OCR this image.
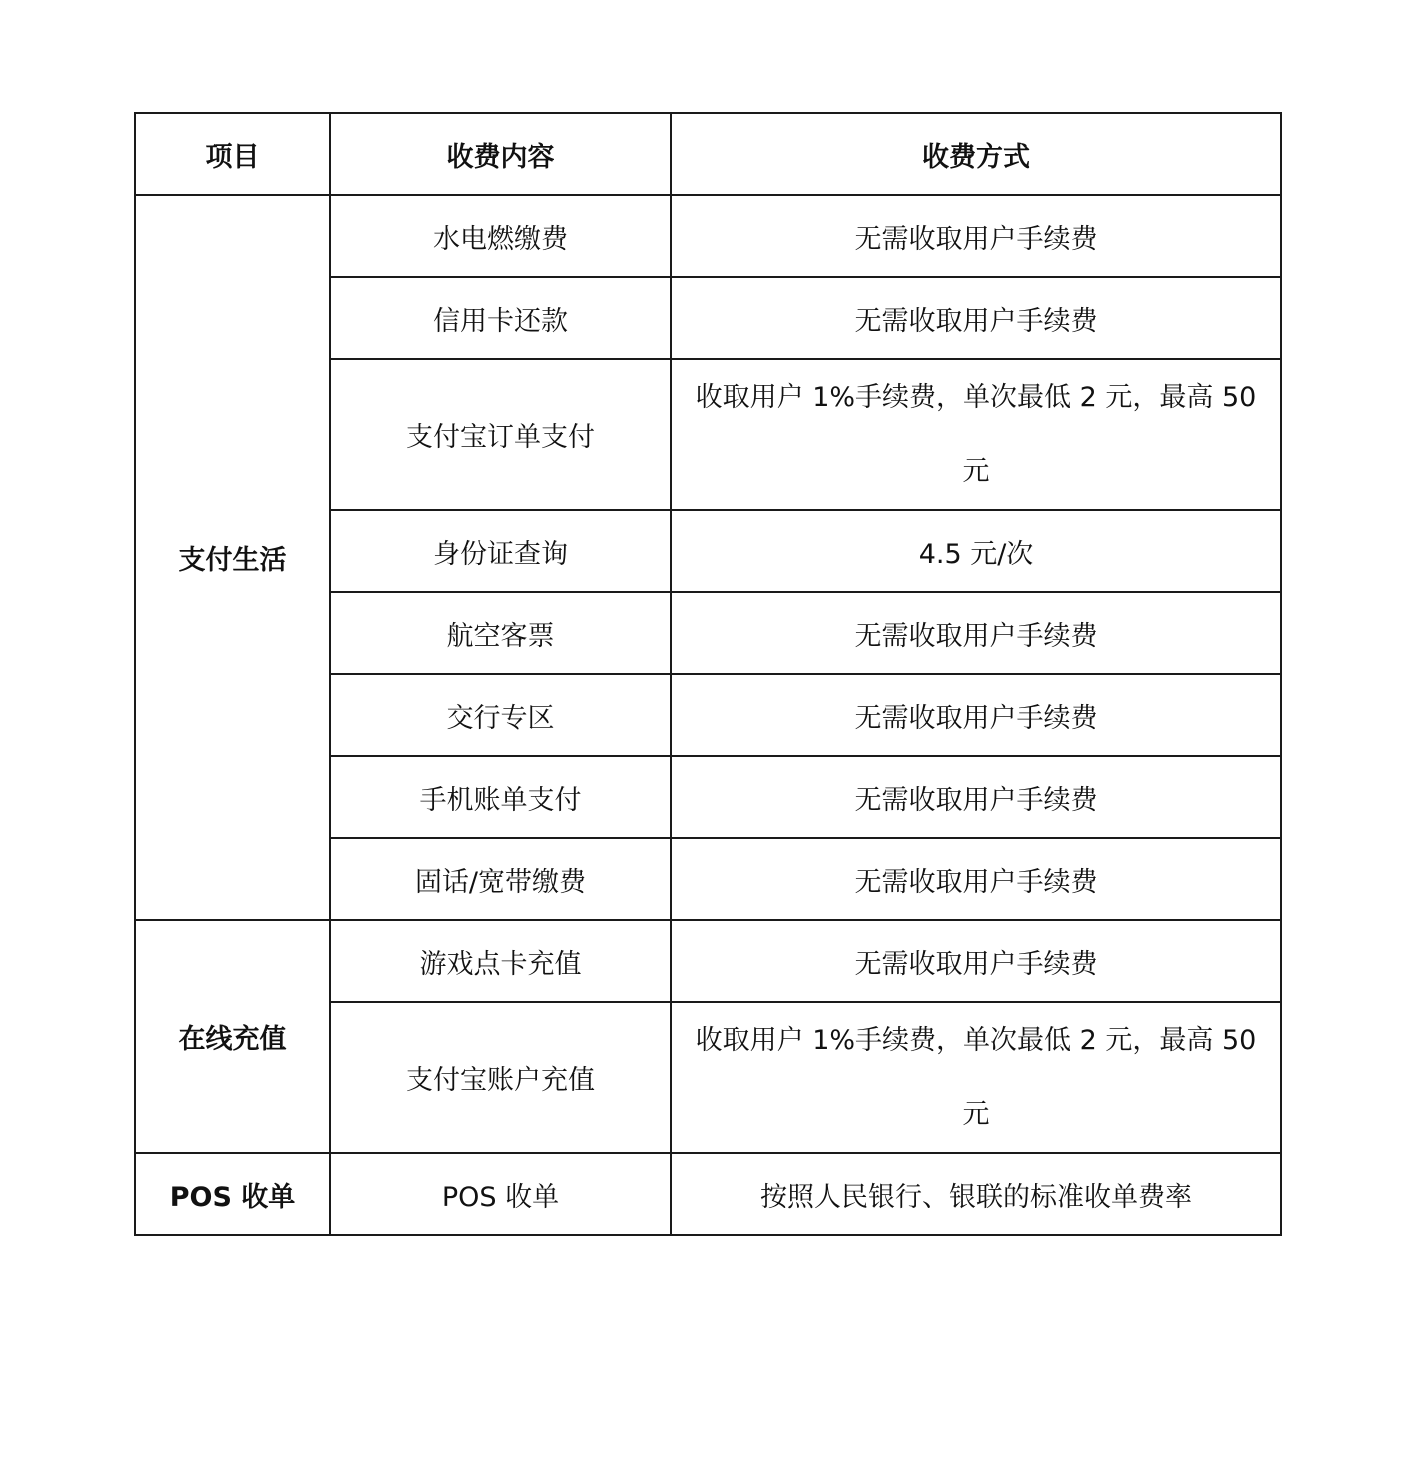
项目	收费内容	收费方式
支付生活	水电燃缴费	无需收取用户手续费
	信用卡还款	无需收取用户手续费
	支付宝订单支付	收取用户 1%手续费，单次最低 2 元，最高 50 元
	身份证查询	4.5 元/次
	航空客票	无需收取用户手续费
	交行专区	无需收取用户手续费
	手机账单支付	无需收取用户手续费
	固话/宽带缴费	无需收取用户手续费
在线充值	游戏点卡充值	无需收取用户手续费
	支付宝账户充值	收取用户 1%手续费，单次最低 2 元，最高 50 元
POS 收单	POS 收单	按照人民银行、银联的标准收单费率
